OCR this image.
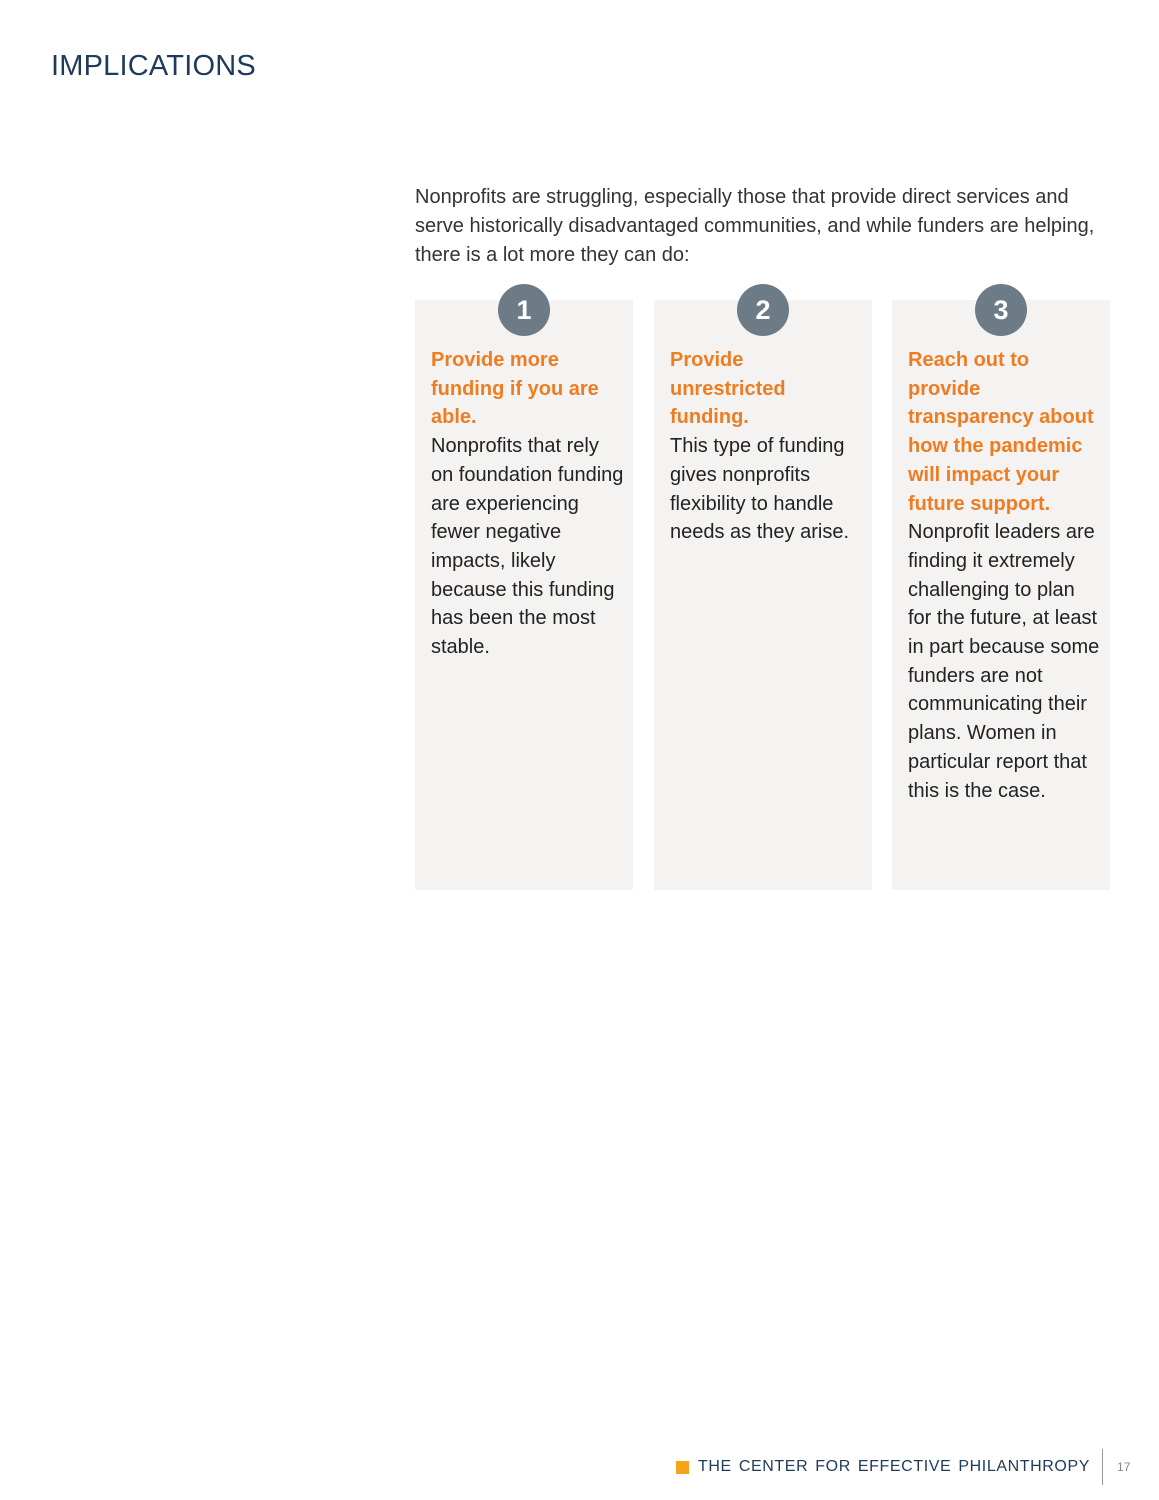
IMPLICATIONS

Nonprofits are struggling, especially those that provide direct services and serve historically disadvantaged communities, and while funders are helping, there is a lot more they can do:

1
Provide more funding if you are able.
Nonprofits that rely on foundation funding are experiencing fewer negative impacts, likely because this funding has been the most stable.
2
Provide unrestricted funding.
This type of funding gives nonprofits flexibility to handle needs as they arise.
3
Reach out to provide transparency about how the pandemic will impact your future support.
Nonprofit leaders are finding it extremely challenging to plan for the future, at least in part because some funders are not communicating their plans. Women in particular report that this is the case.
THE CENTER FOR EFFECTIVE PHILANTHROPY 17
